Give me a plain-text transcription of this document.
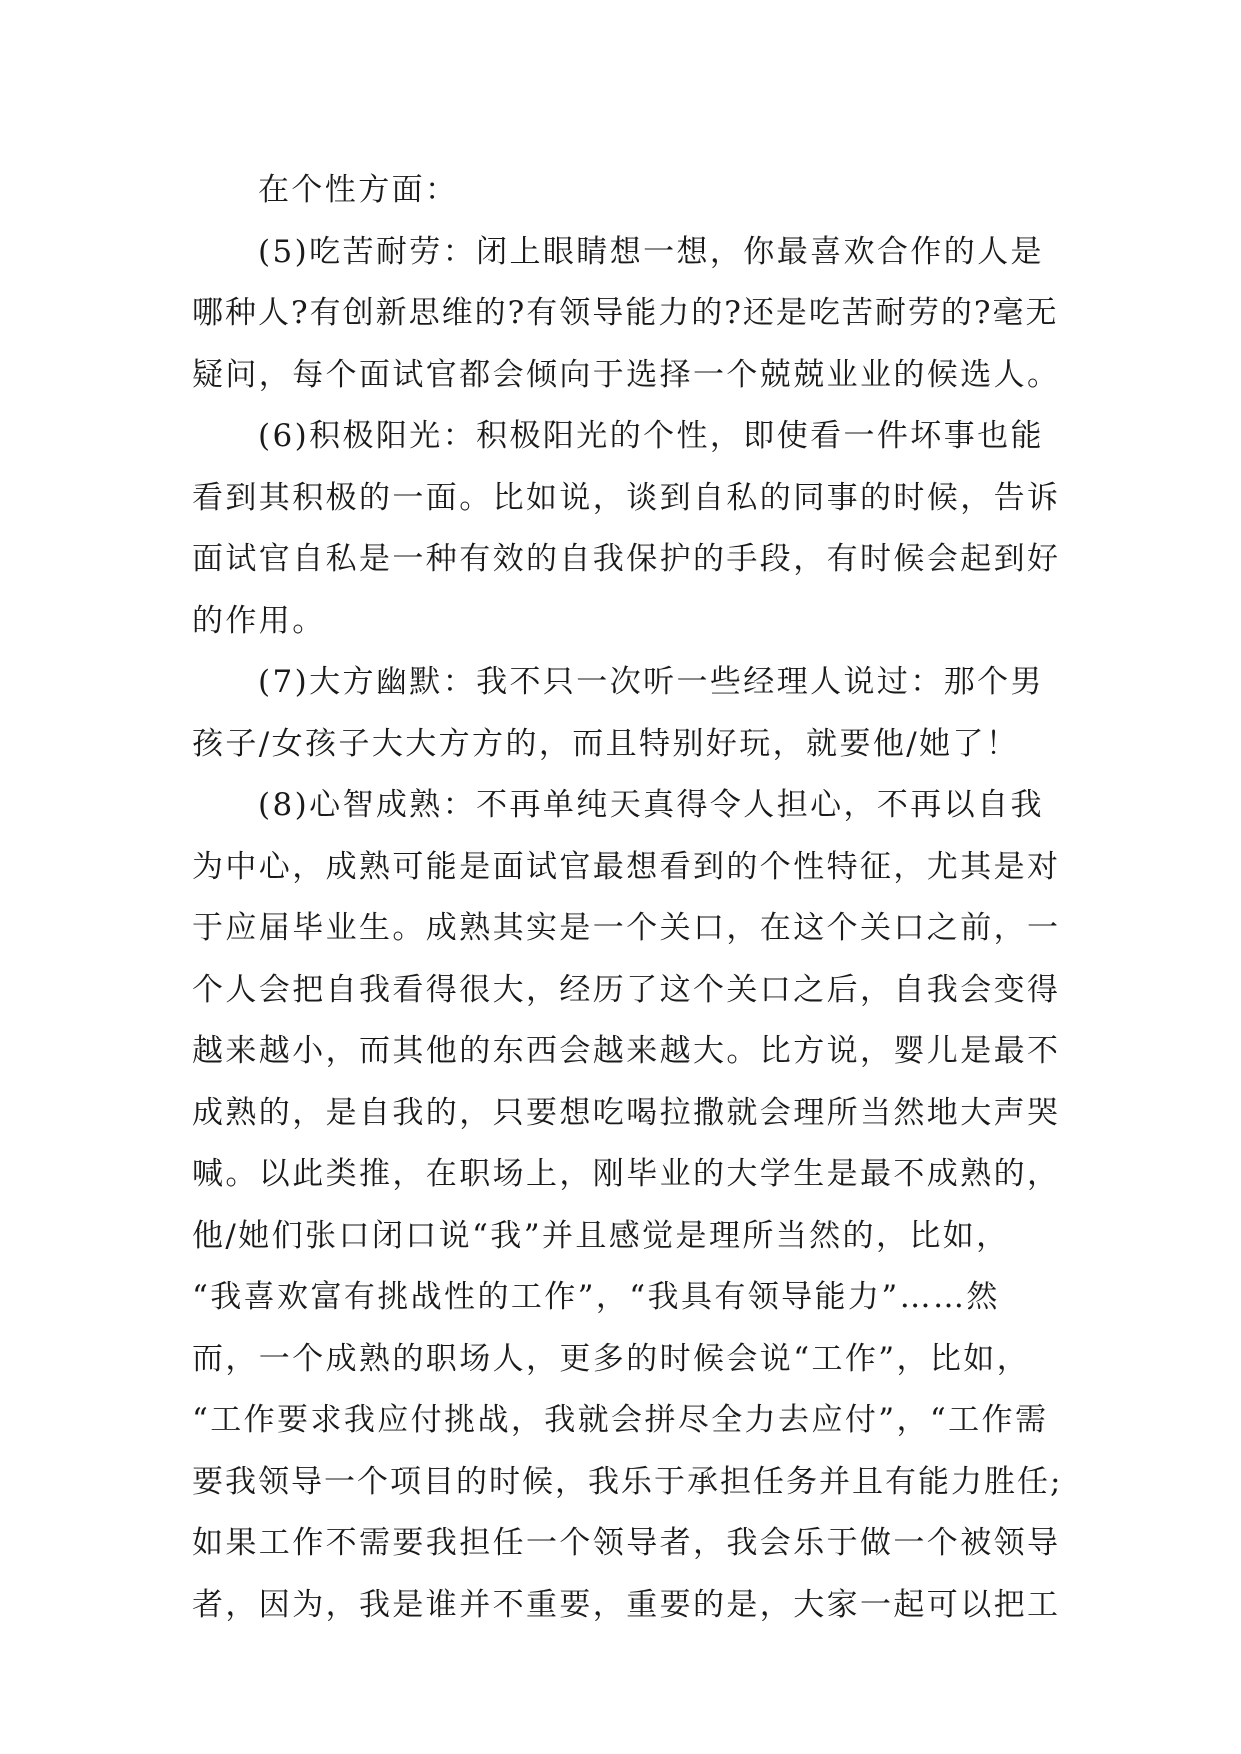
在个性方面：
(5)吃苦耐劳：闭上眼睛想一想，你最喜欢合作的人是
哪种人?有创新思维的?有领导能力的?还是吃苦耐劳的?毫无
疑问，每个面试官都会倾向于选择一个兢兢业业的候选人。
(6)积极阳光：积极阳光的个性，即使看一件坏事也能
看到其积极的一面。比如说，谈到自私的同事的时候，告诉
面试官自私是一种有效的自我保护的手段，有时候会起到好
的作用。
(7)大方幽默：我不只一次听一些经理人说过：那个男
孩子/女孩子大大方方的，而且特别好玩，就要他/她了！
(8)心智成熟：不再单纯天真得令人担心，不再以自我
为中心，成熟可能是面试官最想看到的个性特征，尤其是对
于应届毕业生。成熟其实是一个关口，在这个关口之前，一
个人会把自我看得很大，经历了这个关口之后，自我会变得
越来越小，而其他的东西会越来越大。比方说，婴儿是最不
成熟的，是自我的，只要想吃喝拉撒就会理所当然地大声哭
喊。以此类推，在职场上，刚毕业的大学生是最不成熟的，
他/她们张口闭口说“我”并且感觉是理所当然的，比如，
“我喜欢富有挑战性的工作”，“我具有领导能力”……然
而，一个成熟的职场人，更多的时候会说“工作”，比如，
“工作要求我应付挑战，我就会拼尽全力去应付”，“工作需
要我领导一个项目的时候，我乐于承担任务并且有能力胜任;
如果工作不需要我担任一个领导者，我会乐于做一个被领导
者，因为，我是谁并不重要，重要的是，大家一起可以把工
